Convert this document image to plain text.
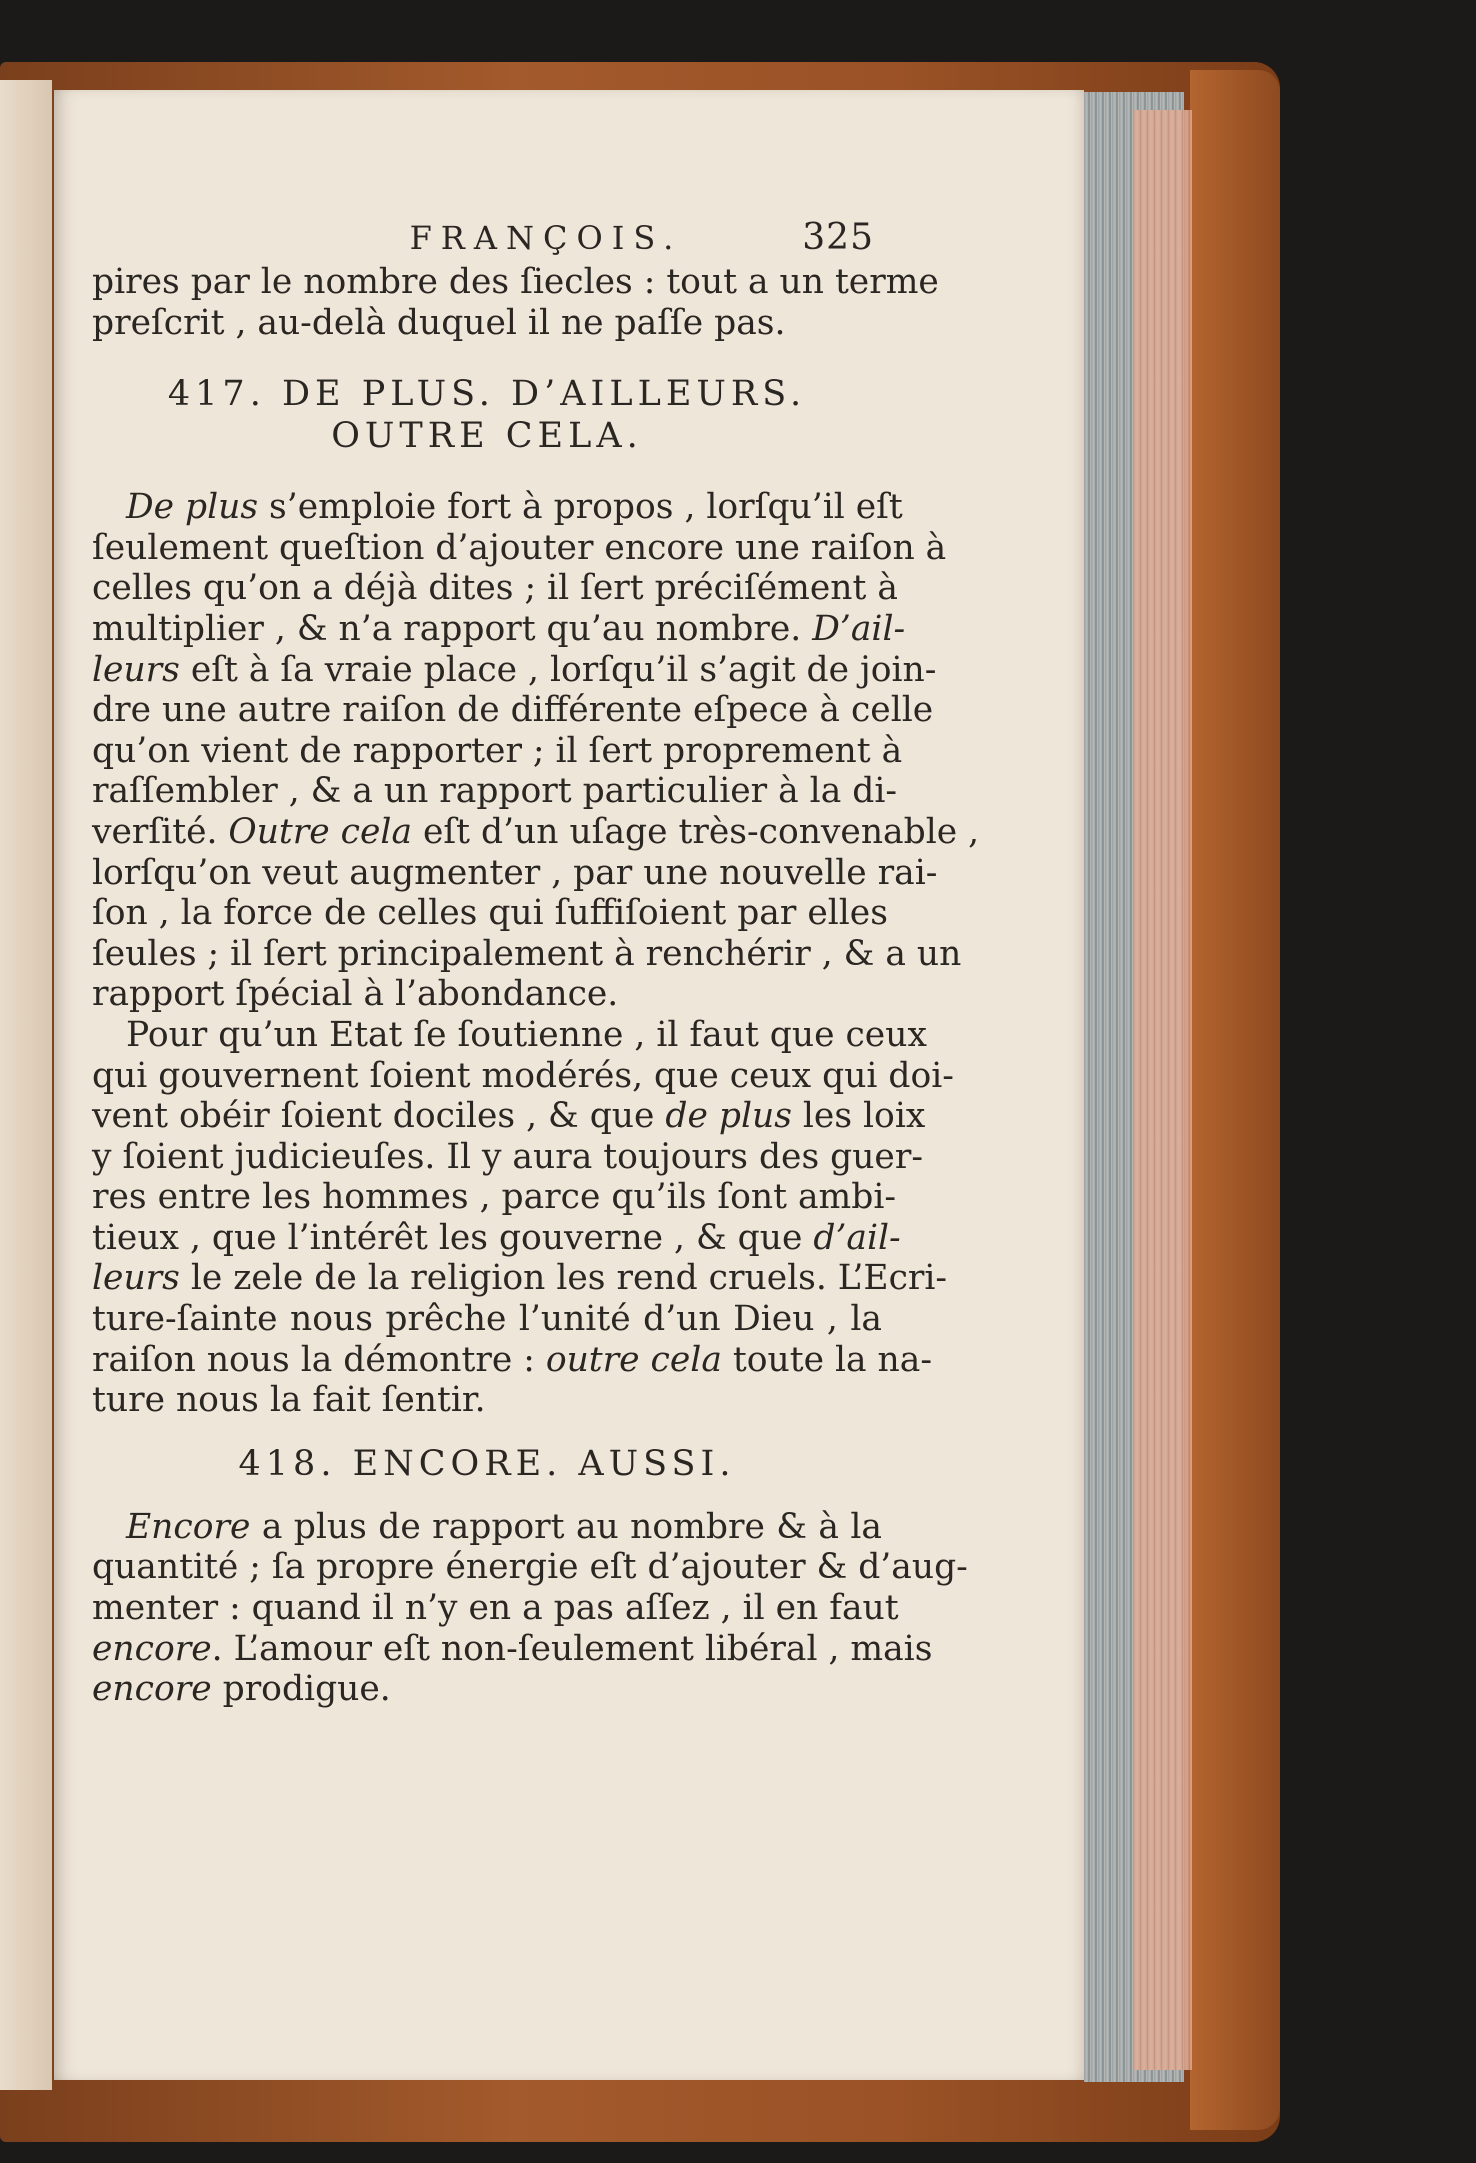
FRANÇOIS.	325
pires par le nombre des ſiecles : tout a un terme
preſcrit , au-delà duquel il ne paſſe pas.
417. DE PLUS. D’AILLEURS.
OUTRE CELA.
De plus s’emploie fort à propos , lorſqu’il eſt
ſeulement queſtion d’ajouter encore une raiſon à
celles qu’on a déjà dites ; il ſert préciſément à
multiplier , & n’a rapport qu’au nombre. D’ail-
leurs eſt à ſa vraie place , lorſqu’il s’agit de join-
dre une autre raiſon de différente eſpece à celle
qu’on vient de rapporter ; il ſert proprement à
raſſembler , & a un rapport particulier à la di-
verſité. Outre cela eſt d’un uſage très-convenable ,
lorſqu’on veut augmenter , par une nouvelle rai-
ſon , la force de celles qui ſuffiſoient par elles
ſeules ; il ſert principalement à renchérir , & a un
rapport ſpécial à l’abondance.
Pour qu’un Etat ſe ſoutienne , il faut que ceux
qui gouvernent ſoient modérés, que ceux qui doi-
vent obéir ſoient dociles , & que de plus les loix
y ſoient judicieuſes. Il y aura toujours des guer-
res entre les hommes , parce qu’ils ſont ambi-
tieux , que l’intérêt les gouverne , & que d’ail-
leurs le zele de la religion les rend cruels. L’Ecri-
ture-ſainte nous prêche l’unité d’un Dieu , la
raiſon nous la démontre : outre cela toute la na-
ture nous la fait ſentir.
418. ENCORE. AUSSI.
Encore a plus de rapport au nombre & à la
quantité ; ſa propre énergie eſt d’ajouter & d’aug-
menter : quand il n’y en a pas aſſez , il en faut
encore. L’amour eſt non-ſeulement libéral , mais
encore prodigue.
